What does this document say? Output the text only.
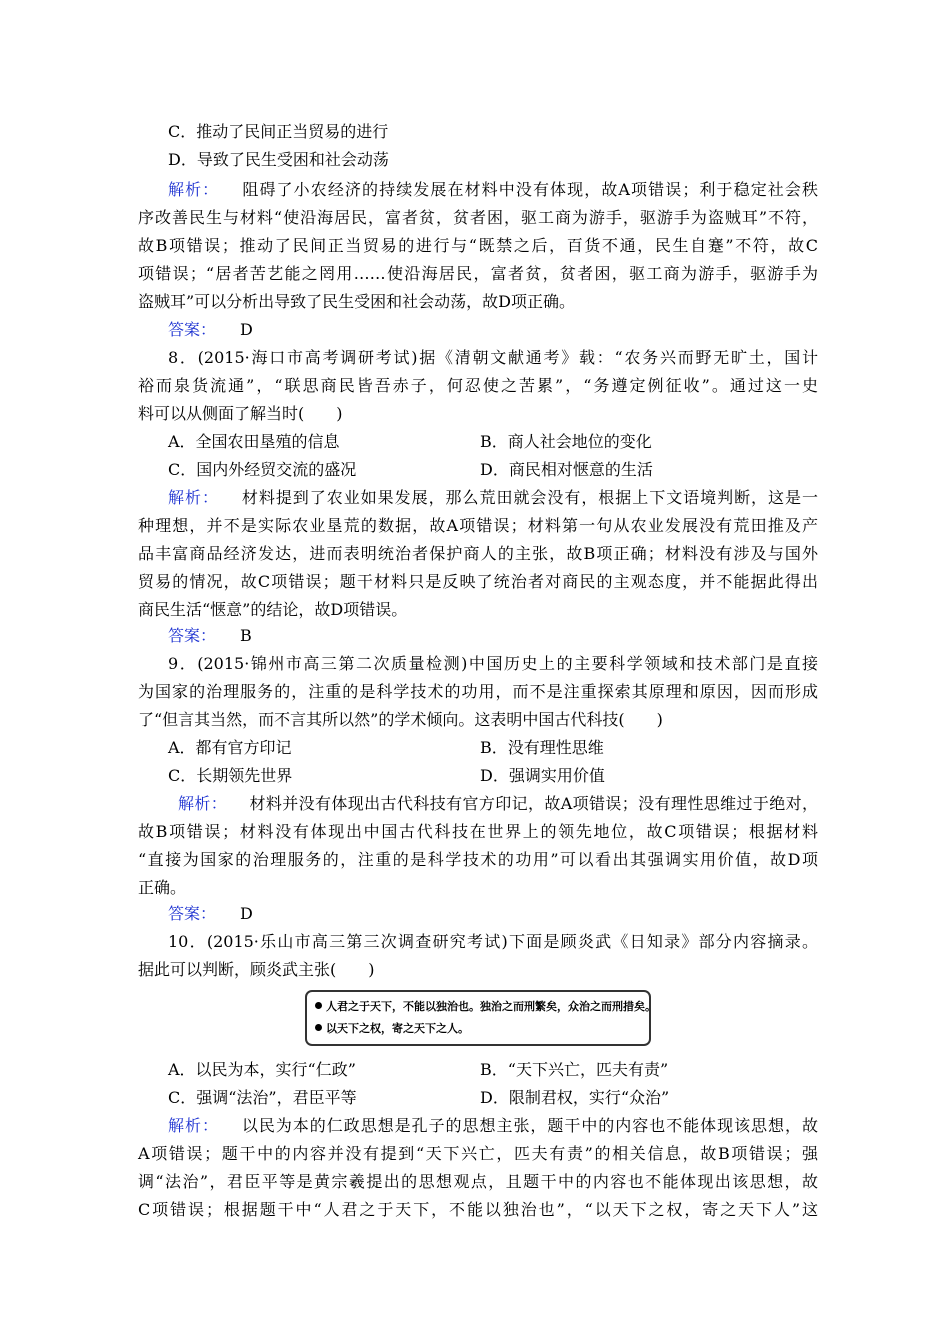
C．推动了民间正当贸易的进行
D．导致了民生受困和社会动荡
解析： 阻碍了小农经济的持续发展在材料中没有体现，故A项错误；利于稳定社会秩
序改善民生与材料“使沿海居民，富者贫，贫者困，驱工商为游手，驱游手为盗贼耳”不符，
故B项错误；推动了民间正当贸易的进行与“既禁之后，百货不通，民生自蹇”不符，故C
项错误；“居者苦艺能之罔用……使沿海居民，富者贫，贫者困，驱工商为游手，驱游手为
盗贼耳”可以分析出导致了民生受困和社会动荡，故D项正确。
答案： D
8．(2015·海口市高考调研考试)据《清朝文献通考》载：“农务兴而野无旷土，国计
裕而泉货流通”，“联思商民皆吾赤子，何忍使之苦累”，“务遵定例征收”。通过这一史
料可以从侧面了解当时(　　)
A．全国农田垦殖的信息	B．商人社会地位的变化
C．国内外经贸交流的盛况	D．商民相对惬意的生活
解析： 材料提到了农业如果发展，那么荒田就会没有，根据上下文语境判断，这是一
种理想，并不是实际农业垦荒的数据，故A项错误；材料第一句从农业发展没有荒田推及产
品丰富商品经济发达，进而表明统治者保护商人的主张，故B项正确；材料没有涉及与国外
贸易的情况，故C项错误；题干材料只是反映了统治者对商民的主观态度，并不能据此得出
商民生活“惬意”的结论，故D项错误。
答案： B
9．(2015·锦州市高三第二次质量检测)中国历史上的主要科学领域和技术部门是直接
为国家的治理服务的，注重的是科学技术的功用，而不是注重探索其原理和原因，因而形成
了“但言其当然，而不言其所以然”的学术倾向。这表明中国古代科技(　　)
A．都有官方印记	B．没有理性思维
C．长期领先世界	D．强调实用价值
解析： 材料并没有体现出古代科技有官方印记，故A项错误；没有理性思维过于绝对，
故B项错误；材料没有体现出中国古代科技在世界上的领先地位，故C项错误；根据材料
“直接为国家的治理服务的，注重的是科学技术的功用”可以看出其强调实用价值，故D项
正确。
答案： D
10．(2015·乐山市高三第三次调查研究考试)下面是顾炎武《日知录》部分内容摘录。
据此可以判断，顾炎武主张(　　)
人君之于天下，不能以独治也。独治之而刑繁矣，众治之而刑措矣。
以天下之权，寄之天下之人。
A．以民为本，实行“仁政”	B．“天下兴亡，匹夫有责”
C．强调“法治”，君臣平等	D．限制君权，实行“众治”
解析： 以民为本的仁政思想是孔子的思想主张，题干中的内容也不能体现该思想，故
A项错误；题干中的内容并没有提到“天下兴亡，匹夫有责”的相关信息，故B项错误；强
调“法治”，君臣平等是黄宗羲提出的思想观点，且题干中的内容也不能体现出该思想，故
C项错误；根据题干中“人君之于天下，不能以独治也”，“以天下之权，寄之天下人”这
